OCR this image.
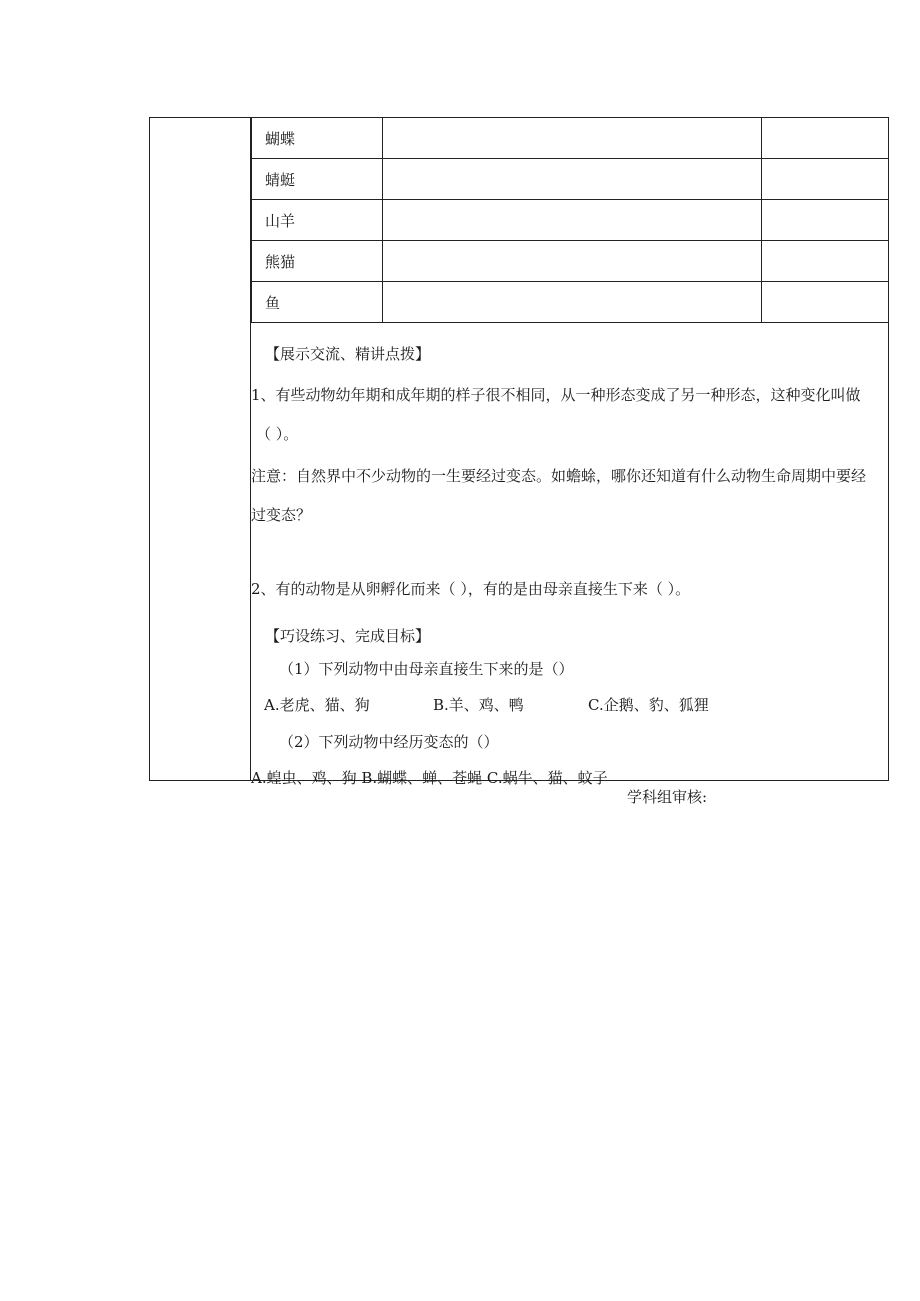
蝴蝶		
蜻蜓		
山羊		
熊猫		
鱼		
【展示交流、精讲点拨】
1、有些动物幼年期和成年期的样子很不相同，从一种形态变成了另一种形态，这种变化叫做
（ ）。
注意：自然界中不少动物的一生要经过变态。如蟾蜍，哪你还知道有什么动物生命周期中要经
过变态？
2、有的动物是从卵孵化而来（ ），有的是由母亲直接生下来（ ）。
【巧设练习、完成目标】
（1）下列动物中由母亲直接生下来的是（）
A.老虎、猫、狗	B.羊、鸡、鸭	C.企鹅、豹、狐狸
（2）下列动物中经历变态的（）
A.蝗虫、鸡、狗 B.蝴蝶、蝉、苍蝇 C.蜗牛、猫、蚊子
学科组审核:
